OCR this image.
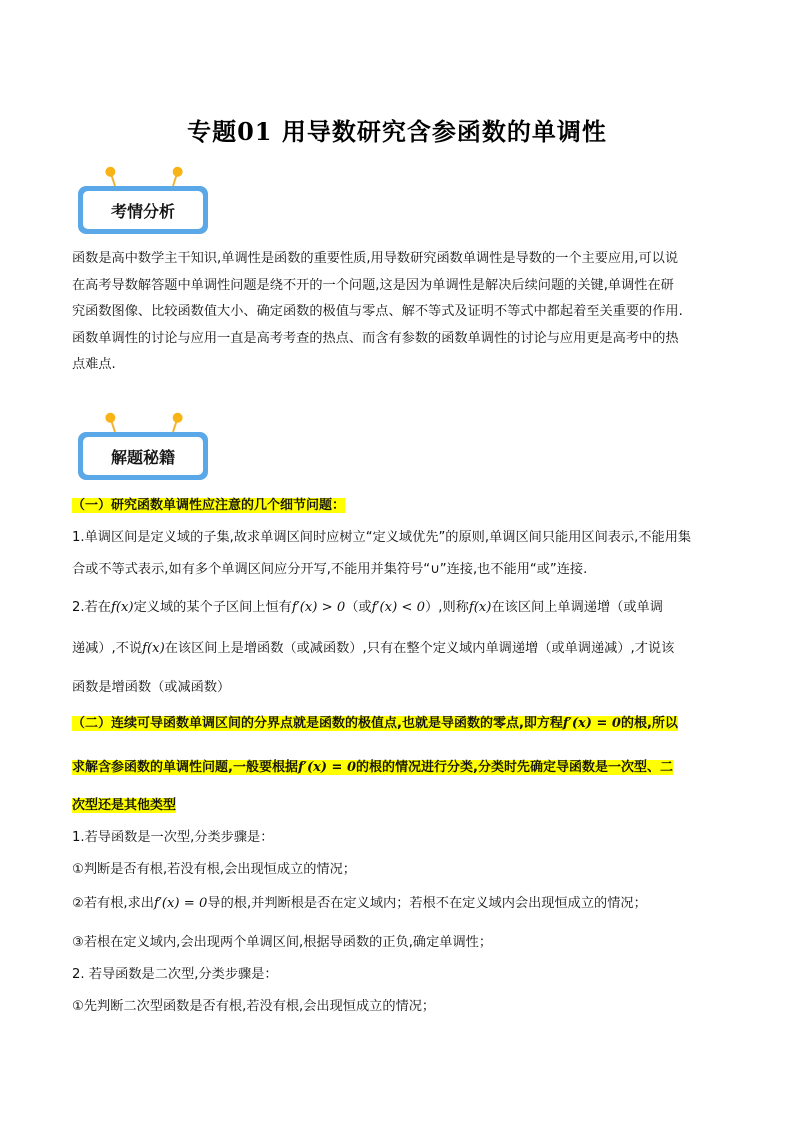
专题01 用导数研究含参函数的单调性
考情分析
函数是高中数学主干知识,单调性是函数的重要性质,用导数研究函数单调性是导数的一个主要应用,可以说
在高考导数解答题中单调性问题是绕不开的一个问题,这是因为单调性是解决后续问题的关键,单调性在研
究函数图像、比较函数值大小、确定函数的极值与零点、解不等式及证明不等式中都起着至关重要的作用.
函数单调性的讨论与应用一直是高考考查的热点、而含有参数的函数单调性的讨论与应用更是高考中的热
点难点.
解题秘籍
（一）研究函数单调性应注意的几个细节问题：
1.单调区间是定义域的子集,故求单调区间时应树立“定义域优先”的原则,单调区间只能用区间表示,不能用集
合或不等式表示,如有多个单调区间应分开写,不能用并集符号“∪”连接,也不能用“或”连接.
2.若在f(x)定义域的某个子区间上恒有f′(x) > 0（或f′(x) < 0）,则称f(x)在该区间上单调递增（或单调
递减）,不说f(x)在该区间上是增函数（或减函数）,只有在整个定义域内单调递增（或单调递减）,才说该
函数是增函数（或减函数）
（二）连续可导函数单调区间的分界点就是函数的极值点,也就是导函数的零点,即方程f′(x) = 0的根,所以
求解含参函数的单调性问题,一般要根据f′(x) = 0的根的情况进行分类,分类时先确定导函数是一次型、二
次型还是其他类型
1.若导函数是一次型,分类步骤是：
①判断是否有根,若没有根,会出现恒成立的情况；
②若有根,求出f′(x) = 0导的根,并判断根是否在定义域内；若根不在定义域内会出现恒成立的情况；
③若根在定义域内,会出现两个单调区间,根据导函数的正负,确定单调性；
2. 若导函数是二次型,分类步骤是：
①先判断二次型函数是否有根,若没有根,会出现恒成立的情况；
